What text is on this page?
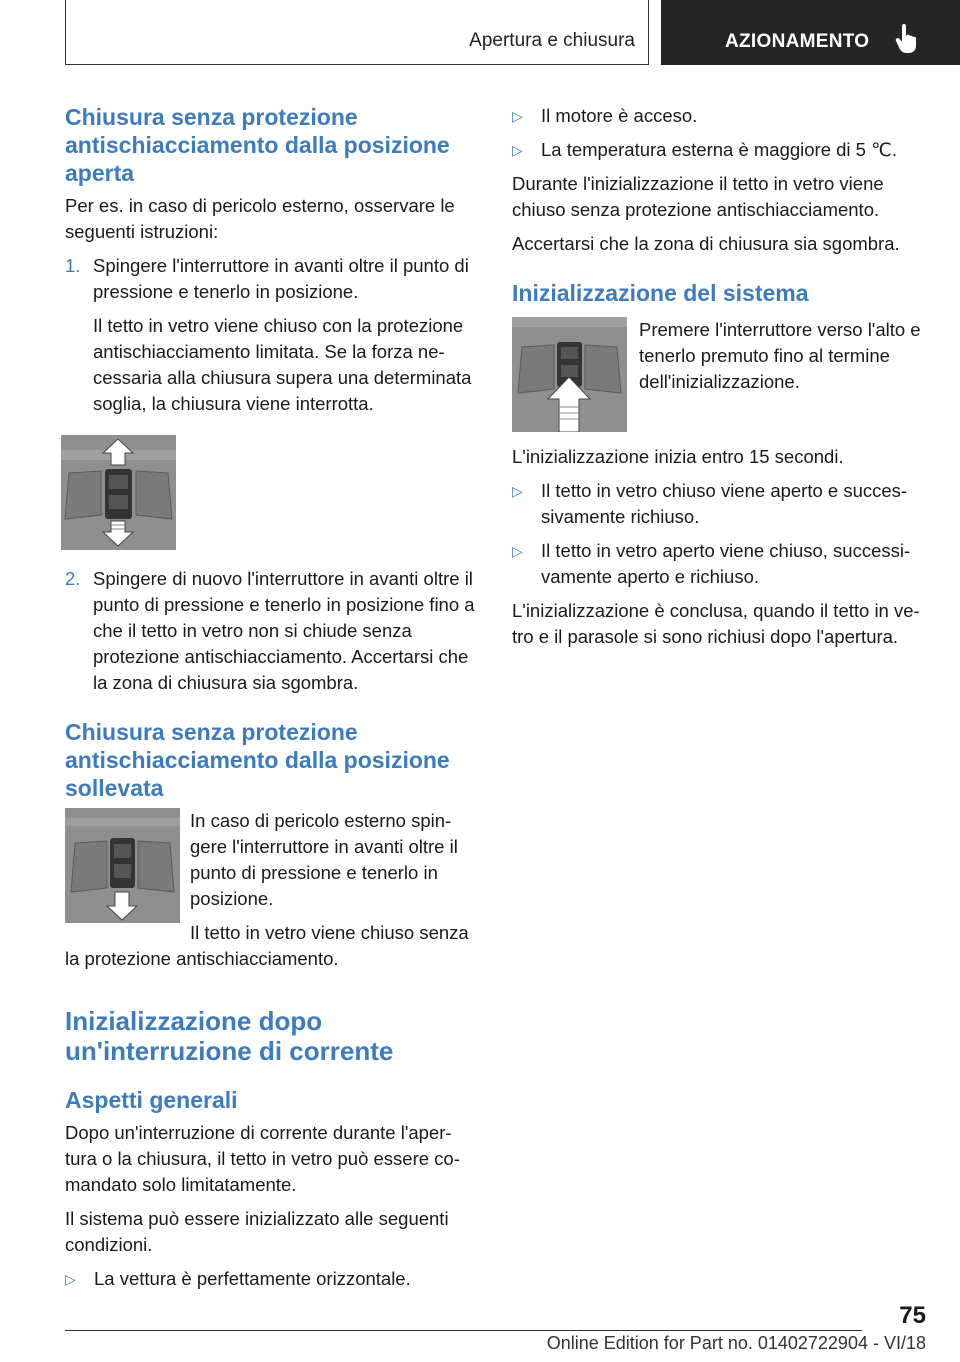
Apertura e chiusura	AZIONAMENTO
Chiusura senza protezione antischiacciamento dalla posizione aperta

Per es. in caso di pericolo esterno, osservare le seguenti istruzioni:

1. Spingere l'interruttore in avanti oltre il punto di pressione e tenerlo in posizione.

Il tetto in vetro viene chiuso con la protezione antischiacciamento limitata. Se la forza necessaria alla chiusura supera una determinata soglia, la chiusura viene interrotta.

2. Spingere di nuovo l'interruttore in avanti oltre il punto di pressione e tenerlo in posizione fino a che il tetto in vetro non si chiude senza protezione antischiacciamento. Accertarsi che la zona di chiusura sia sgombra.
Chiusura senza protezione antischiacciamento dalla posizione sollevata

In caso di pericolo esterno spingere l'interruttore in avanti oltre il punto di pressione e tenerlo in posizione.

Il tetto in vetro viene chiuso senza la protezione antischiacciamento.

Inizializzazione dopo un'interruzione di corrente
Aspetti generali

Dopo un'interruzione di corrente durante l'apertura o la chiusura, il tetto in vetro può essere comandato solo limitatamente.

Il sistema può essere inizializzato alle seguenti condizioni.

▷ La vettura è perfettamente orizzontale.
▷ Il motore è acceso.
▷ La temperatura esterna è maggiore di 5 ℃.

Durante l'inizializzazione il tetto in vetro viene chiuso senza protezione antischiacciamento.

Accertarsi che la zona di chiusura sia sgombra.

Inizializzazione del sistema

Premere l'interruttore verso l'alto e tenerlo premuto fino al termine dell'inizializzazione.

L'inizializzazione inizia entro 15 secondi.

▷ Il tetto in vetro chiuso viene aperto e successivamente richiuso.
▷ Il tetto in vetro aperto viene chiuso, successivamente aperto e richiuso.

L'inizializzazione è conclusa, quando il tetto in vetro e il parasole si sono richiusi dopo l'apertura.

75
Online Edition for Part no. 01402722904 - VI/18
